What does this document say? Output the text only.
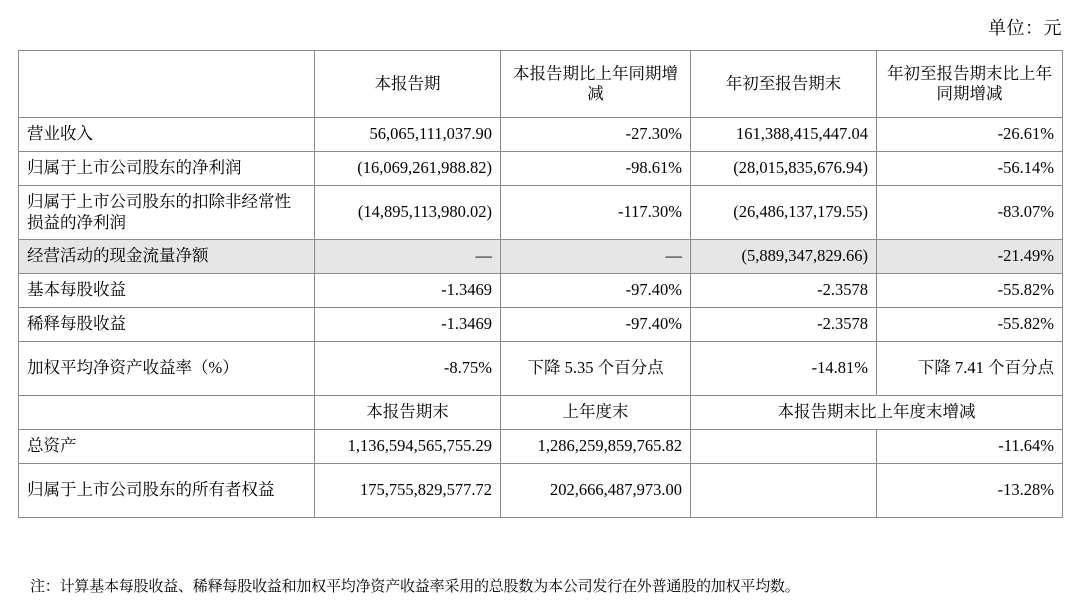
单位：元
	本报告期	本报告期比上年同期增减	年初至报告期末	年初至报告期末比上年同期增减
营业收入	56,065,111,037.90	-27.30%	161,388,415,447.04	-26.61%
归属于上市公司股东的净利润	(16,069,261,988.82)	-98.61%	(28,015,835,676.94)	-56.14%
归属于上市公司股东的扣除非经常性损益的净利润	(14,895,113,980.02)	-117.30%	(26,486,137,179.55)	-83.07%
经营活动的现金流量净额	—	—	(5,889,347,829.66)	-21.49%
基本每股收益	-1.3469	-97.40%	-2.3578	-55.82%
稀释每股收益	-1.3469	-97.40%	-2.3578	-55.82%
加权平均净资产收益率（%）	-8.75%	下降 5.35 个百分点	-14.81%	下降 7.41 个百分点
	本报告期末	上年度末	本报告期末比上年度末增减	
总资产	1,136,594,565,755.29	1,286,259,859,765.82		-11.64%
归属于上市公司股东的所有者权益	175,755,829,577.72	202,666,487,973.00		-13.28%
注：计算基本每股收益、稀释每股收益和加权平均净资产收益率采用的总股数为本公司发行在外普通股的加权平均数。
